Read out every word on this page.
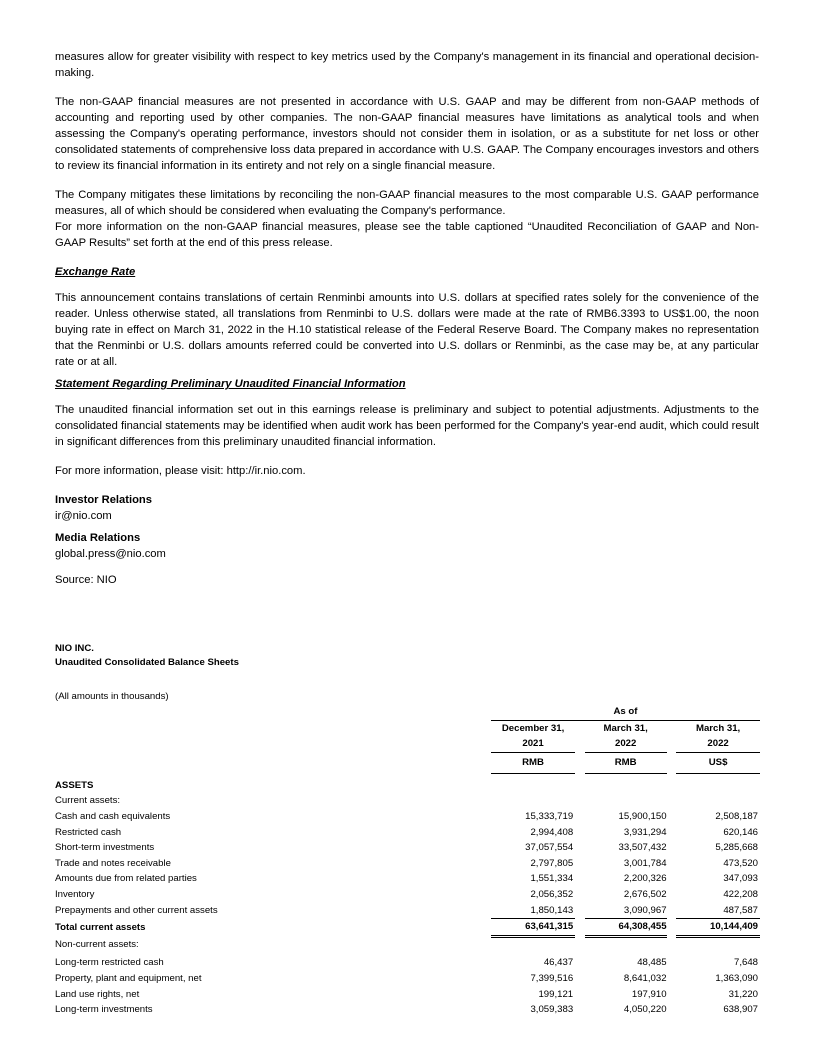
measures allow for greater visibility with respect to key metrics used by the Company's management in its financial and operational decision-making.

The non-GAAP financial measures are not presented in accordance with U.S. GAAP and may be different from non-GAAP methods of accounting and reporting used by other companies. The non-GAAP financial measures have limitations as analytical tools and when assessing the Company's operating performance, investors should not consider them in isolation, or as a substitute for net loss or other consolidated statements of comprehensive loss data prepared in accordance with U.S. GAAP. The Company encourages investors and others to review its financial information in its entirety and not rely on a single financial measure.

The Company mitigates these limitations by reconciling the non-GAAP financial measures to the most comparable U.S. GAAP performance measures, all of which should be considered when evaluating the Company's performance.

For more information on the non-GAAP financial measures, please see the table captioned “Unaudited Reconciliation of GAAP and Non-GAAP Results” set forth at the end of this press release.

Exchange Rate

This announcement contains translations of certain Renminbi amounts into U.S. dollars at specified rates solely for the convenience of the reader. Unless otherwise stated, all translations from Renminbi to U.S. dollars were made at the rate of RMB6.3393 to US$1.00, the noon buying rate in effect on March 31, 2022 in the H.10 statistical release of the Federal Reserve Board. The Company makes no representation that the Renminbi or U.S. dollars amounts referred could be converted into U.S. dollars or Renminbi, as the case may be, at any particular rate or at all.

Statement Regarding Preliminary Unaudited Financial Information

The unaudited financial information set out in this earnings release is preliminary and subject to potential adjustments. Adjustments to the consolidated financial statements may be identified when audit work has been performed for the Company's year-end audit, which could result in significant differences from this preliminary unaudited financial information.

For more information, please visit: http://ir.nio.com.

Investor Relations

ir@nio.com

Media Relations

global.press@nio.com

Source: NIO

NIO INC.
Unaudited Consolidated Balance Sheets
(All amounts in thousands)
		As of				
		December 31,		March 31,		March 31,
		2021		2022		2022
		RMB		RMB		US$

ASSETS						
Current assets:						
Cash and cash equivalents		15,333,719		15,900,150		2,508,187
Restricted cash		2,994,408		3,931,294		620,146
Short-term investments		37,057,554		33,507,432		5,285,668
Trade and notes receivable		2,797,805		3,001,784		473,520
Amounts due from related parties		1,551,334		2,200,326		347,093
Inventory		2,056,352		2,676,502		422,208
Prepayments and other current assets		1,850,143		3,090,967		487,587
Total current assets		63,641,315		64,308,455		10,144,409
Non-current assets:						

Long-term restricted cash		46,437		48,485		7,648
Property, plant and equipment, net		7,399,516		8,641,032		1,363,090
Land use rights, net		199,121		197,910		31,220
Long-term investments		3,059,383		4,050,220		638,907
